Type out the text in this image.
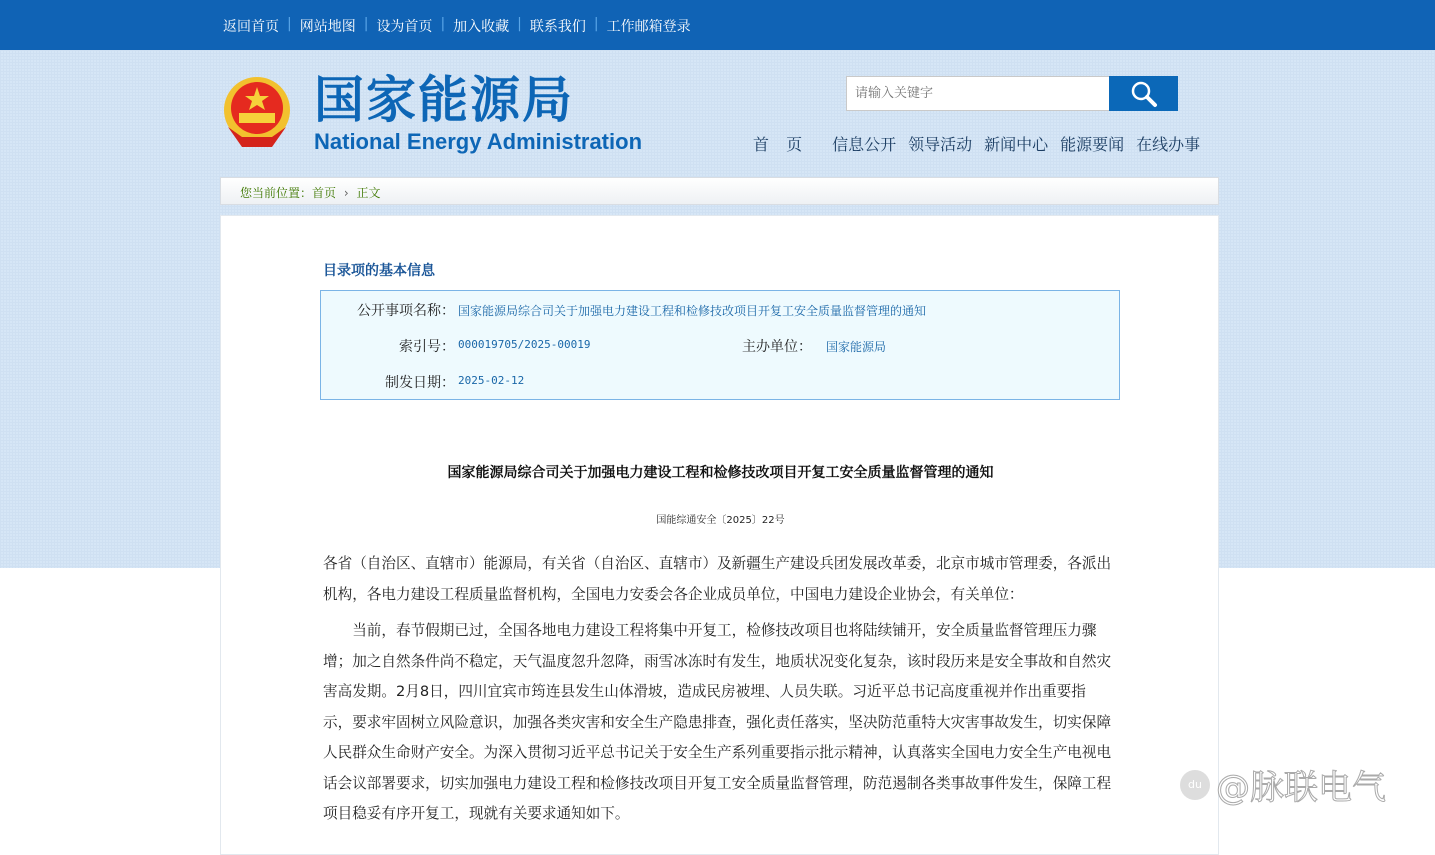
返回首页 | 网站地图 | 设为首页 | 加入收藏 | 联系我们 | 工作邮箱登录
国家能源局
National Energy Administration
请输入关键字	首 页 信息公开 领导活动 新闻中心 能源要闻 在线办事
您当前位置：首页 › 正文
目录项的基本信息
公开事项名称： 国家能源局综合司关于加强电力建设工程和检修技改项目开复工安全质量监督管理的通知
索引号： 000019705/2025-00019	主办单位： 国家能源局
制发日期： 2025-02-12
国家能源局综合司关于加强电力建设工程和检修技改项目开复工安全质量监督管理的通知
国能综通安全〔2025〕22号

各省（自治区、直辖市）能源局，有关省（自治区、直辖市）及新疆生产建设兵团发展改革委，北京市城市管理委，各派出机构，各电力建设工程质量监督机构，全国电力安委会各企业成员单位，中国电力建设企业协会，有关单位：

当前，春节假期已过，全国各地电力建设工程将集中开复工，检修技改项目也将陆续铺开，安全质量监督管理压力骤增；加之自然条件尚不稳定，天气温度忽升忽降，雨雪冰冻时有发生，地质状况变化复杂，该时段历来是安全事故和自然灾害高发期。2月8日，四川宜宾市筠连县发生山体滑坡，造成民房被埋、人员失联。习近平总书记高度重视并作出重要指示，要求牢固树立风险意识，加强各类灾害和安全生产隐患排查，强化责任落实，坚决防范重特大灾害事故发生，切实保障人民群众生命财产安全。为深入贯彻习近平总书记关于安全生产系列重要指示批示精神，认真落实全国电力安全生产电视电话会议部署要求，切实加强电力建设工程和检修技改项目开复工安全质量监督管理，防范遏制各类事故事件发生，保障工程项目稳妥有序开复工，现就有关要求通知如下。

du @脉联电气
